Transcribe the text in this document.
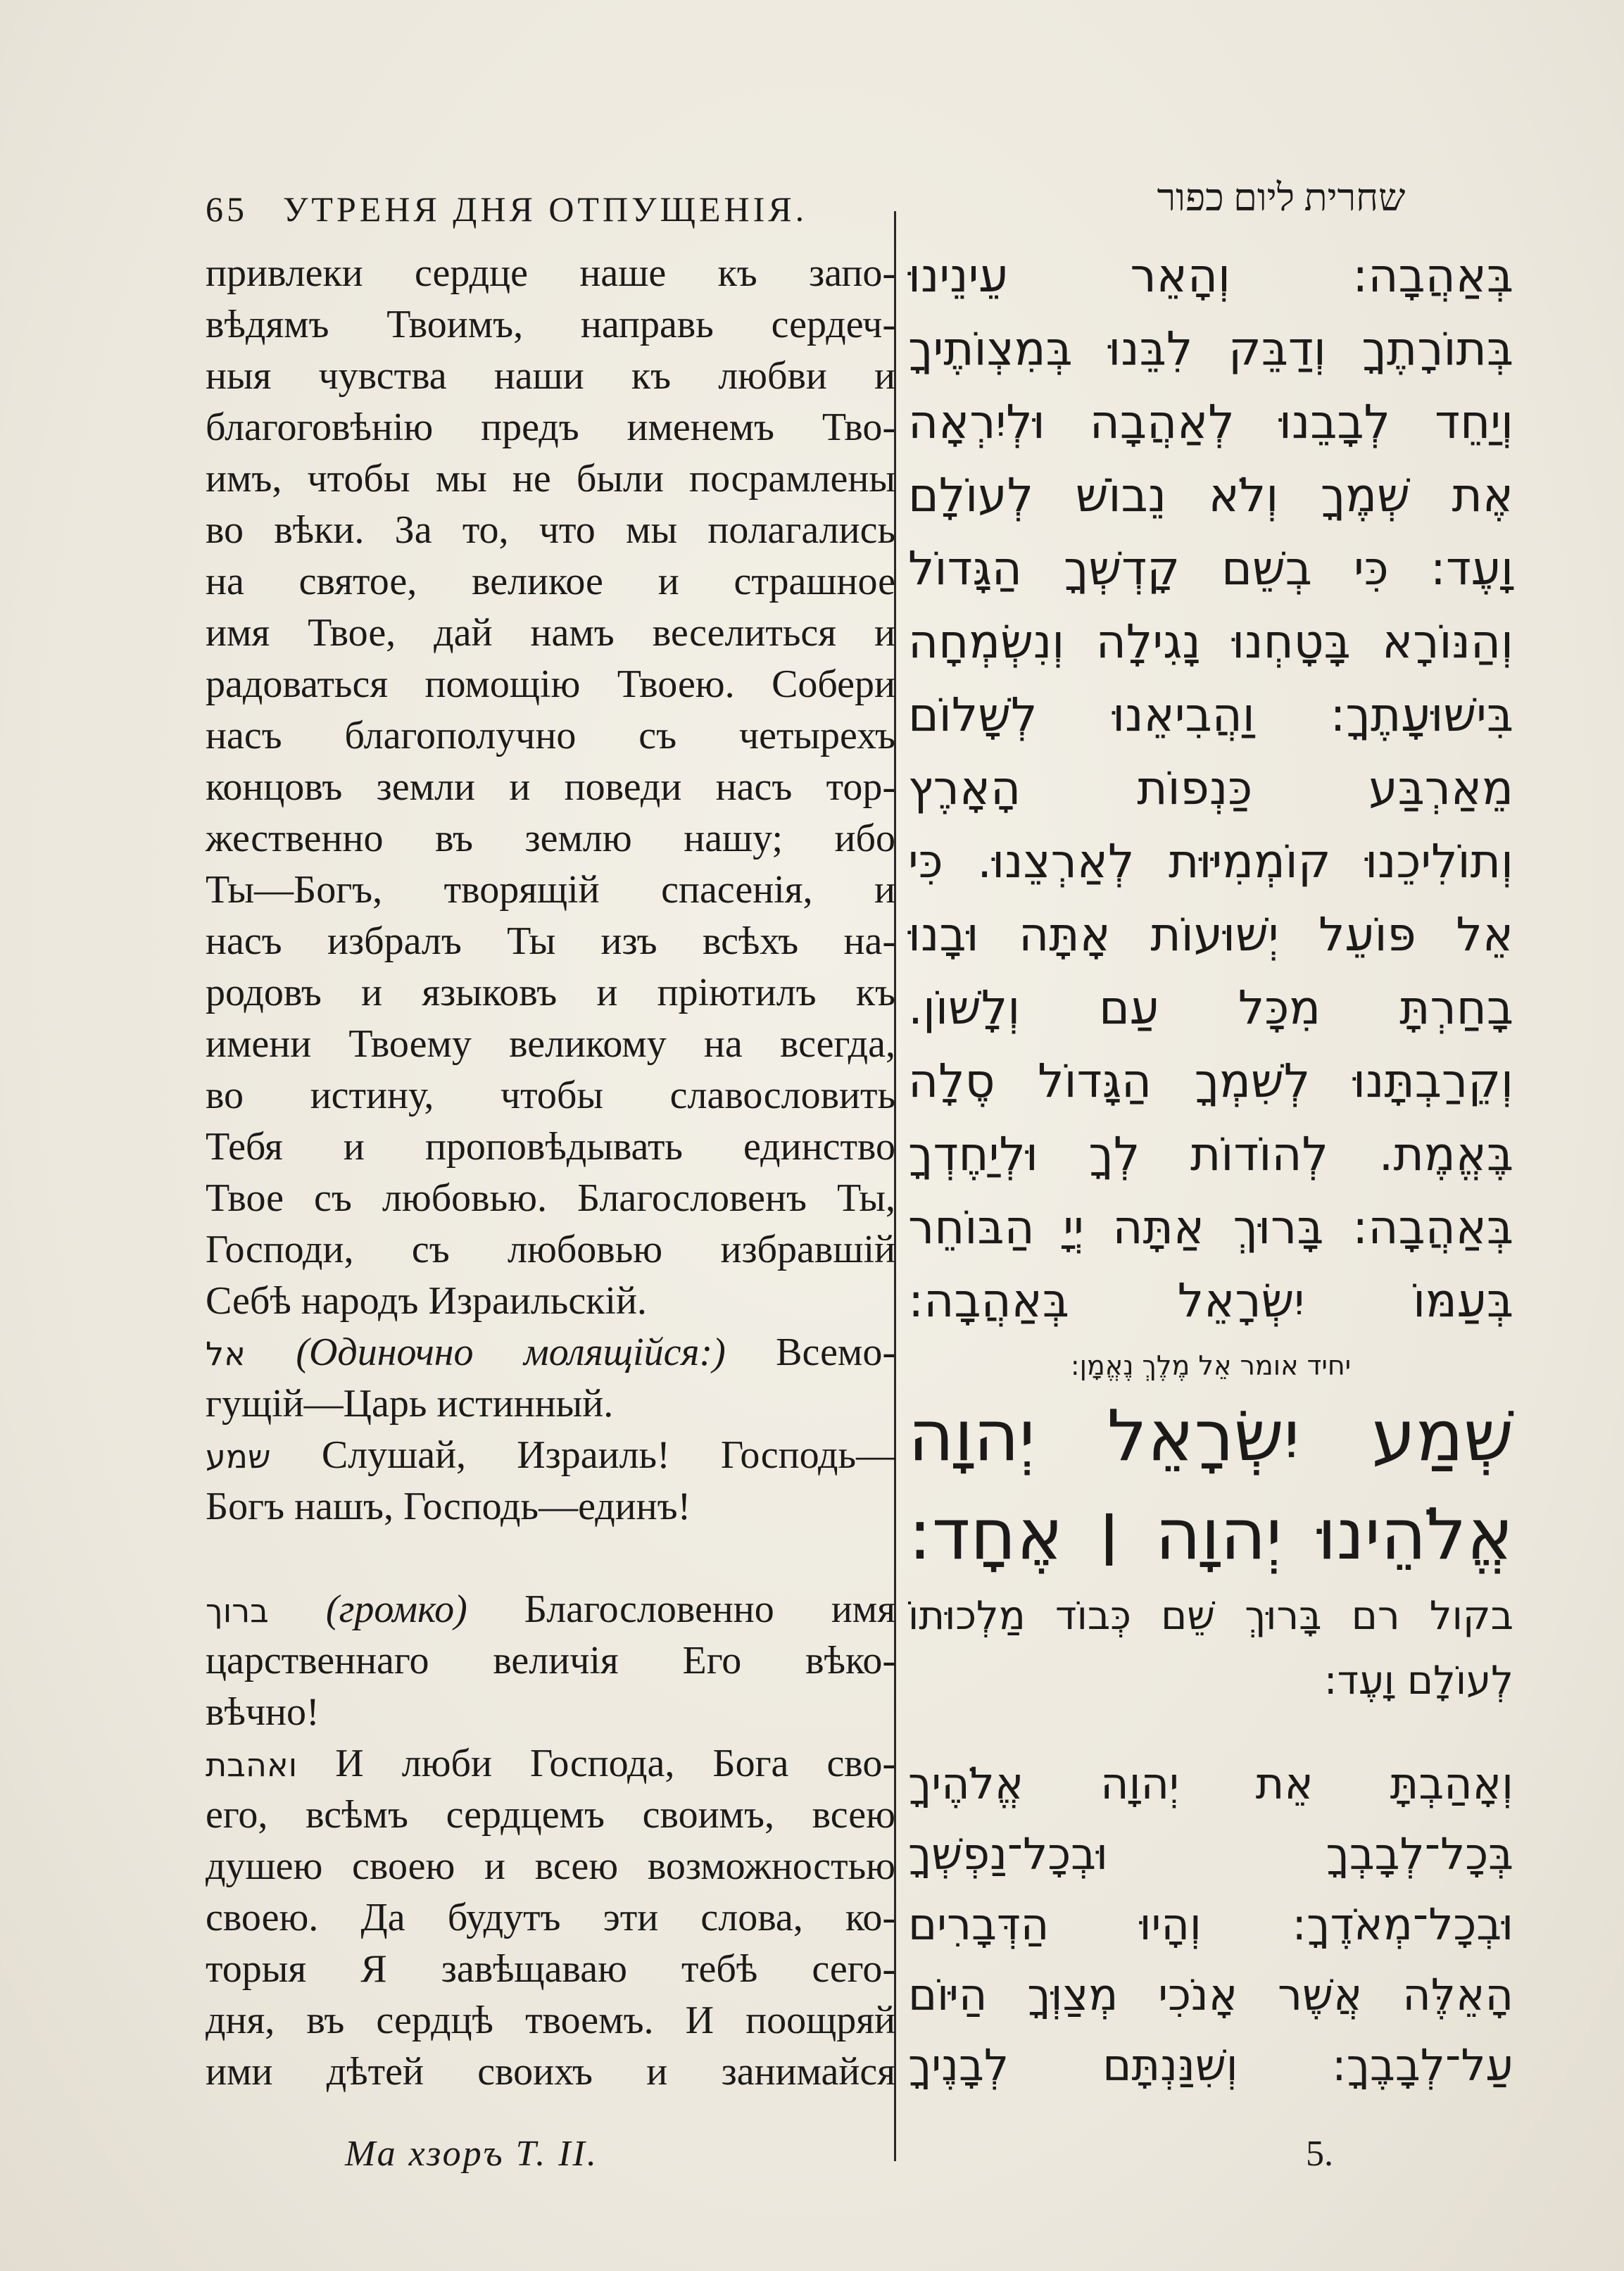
65 УТРЕНЯ ДНЯ ОТПУЩЕНІЯ.	שחרית ליום כפור
привлеки сердце наше къ запо-
вѣдямъ Твоимъ, направь сердеч-
ныя чувства наши къ любви и
благоговѣнію предъ именемъ Тво-
имъ, чтобы мы не были посрамлены
во вѣки. За то, что мы полагались
на святое, великое и страшное
имя Твое, дай намъ веселиться и
радоваться помощію Твоею. Собери
насъ благополучно съ четырехъ
концовъ земли и поведи насъ тор-
жественно въ землю нашу; ибо
Ты—Богъ, творящій спасенія, и
насъ избралъ Ты изъ всѣхъ на-
родовъ и языковъ и пріютилъ къ
имени Твоему великому на всегда,
во истину, чтобы славословить
Тебя и проповѣдывать единство
Твое съ любовью. Благословенъ Ты,
Господи, съ любовью избравшій
Себѣ народъ Израильскій.
אל (Одиночно молящійся:) Всемо-
гущій—Царь истинный.
שמע Слушай, Израиль! Господь—
Богъ нашъ, Господь—единъ!
ברוך (громко) Благословенно имя
царственнаго величія Его вѣко-
вѣчно!
ואהבת И люби Господа, Бога сво-
его, всѣмъ сердцемъ своимъ, всею
душею своею и всею возможностью
своею. Да будутъ эти слова, ко-
торыя Я завѣщаваю тебѣ сего-
дня, въ сердцѣ твоемъ. И поощряй
ими дѣтей своихъ и занимайся
בְּאַהֲבָה: וְהָאֵר עֵינֵינוּ
בְּתוֹרָתֶךָ וְדַבֵּק לִבֵּנוּ בְּמִצְוֹתֶיךָ
וְיַחֵד לְבָבֵנוּ לְאַהֲבָה וּלְיִרְאָה
אֶת שְׁמֶךָ וְלֹא נֵבוֹשׁ לְעוֹלָם
וָעֶד: כִּי בְשֵׁם קָדְשְׁךָ הַגָּדוֹל
וְהַנּוֹרָא בָּטָחְנוּ נָגִילָה וְנִשְׂמְחָה
בִּישׁוּעָתֶךָ: וַהֲבִיאֵנוּ לְשָׁלוֹם
מֵאַרְבַּע כַּנְפוֹת הָאָרֶץ
וְתוֹלִיכֵנוּ קוֹמְמִיּוּת לְאַרְצֵנוּ. כִּי
אֵל פּוֹעֵל יְשׁוּעוֹת אָתָּה וּבָנוּ
בָחַרְתָּ מִכָּל עַם וְלָשׁוֹן.
וְקֵרַבְתָּנוּ לְשִׁמְךָ הַגָּדוֹל סֶלָה
בֶּאֱמֶת. לְהוֹדוֹת לְךָ וּלְיַחֶדְךָ
בְּאַהֲבָה: בָּרוּךְ אַתָּה יְיָ הַבּוֹחֵר
בְּעַמּוֹ יִשְׂרָאֵל בְּאַהֲבָה:
יחיד אומר אֵל מֶלֶךְ נֶאֱמָן:
שְׁמַע יִשְׂרָאֵל יְהוָה
אֱלֹהֵינוּ יְהוָה ׀ אֶחָד:
בקול רם בָּרוּךְ שֵׁם כְּבוֹד מַלְכוּתוֹ
לְעוֹלָם וָעֶד:
וְאָהַבְתָּ אֵת יְהוָה אֱלֹהֶיךָ
בְּכָל־לְבָבְךָ וּבְכָל־נַפְשְׁךָ
וּבְכָל־מְאֹדֶךָ: וְהָיוּ הַדְּבָרִים
הָאֵלֶּה אֲשֶׁר אָנֹכִי מְצַוְּךָ הַיּוֹם
עַל־לְבָבֶךָ: וְשִׁנַּנְתָּם לְבָנֶיךָ
Ма хзоръ Т. II.	5.
